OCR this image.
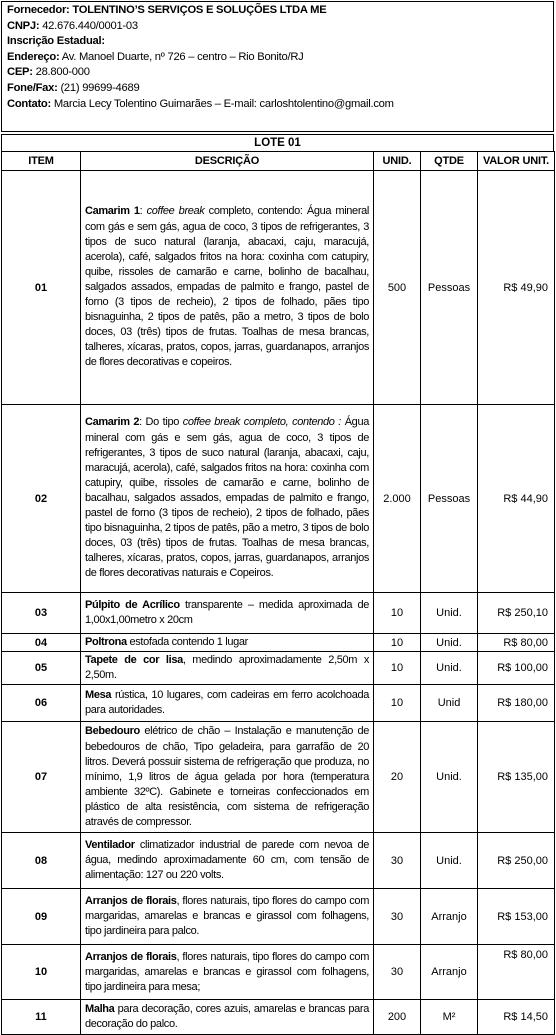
Fornecedor: TOLENTINO’S SERVIÇOS E SOLUÇÕES LTDA ME
CNPJ: 42.676.440/0001-03
Inscrição Estadual:
Endereço: Av. Manoel Duarte, nº 726 – centro – Rio Bonito/RJ
CEP: 28.800-000
Fone/Fax: (21) 99699-4689
Contato: Marcia Lecy Tolentino Guimarães – E-mail: carloshtolentino@gmail.com
LOTE 01
ITEM	DESCRIÇÃO	UNID.	QTDE	VALOR UNIT.
01	Camarim 1: coffee break completo, contendo: Água mineral com gás e sem gás, agua de coco, 3 tipos de refrigerantes, 3 tipos de suco natural (laranja, abacaxi, caju, maracujá, acerola), café, salgados fritos na hora: coxinha com catupiry, quibe, rissoles de camarão e carne, bolinho de bacalhau, salgados assados, empadas de palmito e frango, pastel de forno (3 tipos de recheio), 2 tipos de folhado, pães tipo bisnaguinha, 2 tipos de patês, pão a metro, 3 tipos de bolo doces, 03 (três) tipos de frutas. Toalhas de mesa brancas, talheres, xícaras, pratos, copos, jarras, guardanapos, arranjos de flores decorativas e copeiros.	500	Pessoas	R$ 49,90
02	Camarim 2: Do tipo coffee break completo, contendo : Água mineral com gás e sem gás, agua de coco, 3 tipos de refrigerantes, 3 tipos de suco natural (laranja, abacaxi, caju, maracujá, acerola), café, salgados fritos na hora: coxinha com catupiry, quibe, rissoles de camarão e carne, bolinho de bacalhau, salgados assados, empadas de palmito e frango, pastel de forno (3 tipos de recheio), 2 tipos de folhado, pães tipo bisnaguinha, 2 tipos de patês, pão a metro, 3 tipos de bolo doces, 03 (três) tipos de frutas. Toalhas de mesa brancas, talheres, xícaras, pratos, copos, jarras, guardanapos, arranjos de flores decorativas naturais e Copeiros.	2.000	Pessoas	R$ 44,90
03	Púlpito de Acrílico transparente – medida aproximada de 1,00x1,00metro x 20cm	10	Unid.	R$ 250,10
04	Poltrona estofada contendo 1 lugar	10	Unid.	R$ 80,00
05	Tapete de cor lisa, medindo aproximadamente 2,50m x 2,50m.	10	Unid.	R$ 100,00
06	Mesa rústica, 10 lugares, com cadeiras em ferro acolchoada para autoridades.	10	Unid	R$ 180,00
07	Bebedouro elétrico de chão – Instalação e manutenção de bebedouros de chão, Tipo geladeira, para garrafão de 20 litros. Deverá possuir sistema de refrigeração que produza, no mínimo, 1,9 litros de água gelada por hora (temperatura ambiente 32ºC). Gabinete e torneiras confeccionados em plástico de alta resistência, com sistema de refrigeração através de compressor.	20	Unid.	R$ 135,00
08	Ventilador climatizador industrial de parede com nevoa de água, medindo aproximadamente 60 cm, com tensão de alimentação: 127 ou 220 volts.	30	Unid.	R$ 250,00
09	Arranjos de florais, flores naturais, tipo flores do campo com margaridas, amarelas e brancas e girassol com folhagens, tipo jardineira para palco.	30	Arranjo	R$ 153,00
10	Arranjos de florais, flores naturais, tipo flores do campo com margaridas, amarelas e brancas e girassol com folhagens, tipo jardineira para mesa;	30	Arranjo	R$ 80,00
11	Malha para decoração, cores azuis, amarelas e brancas para decoração do palco.	200	M²	R$ 14,50
